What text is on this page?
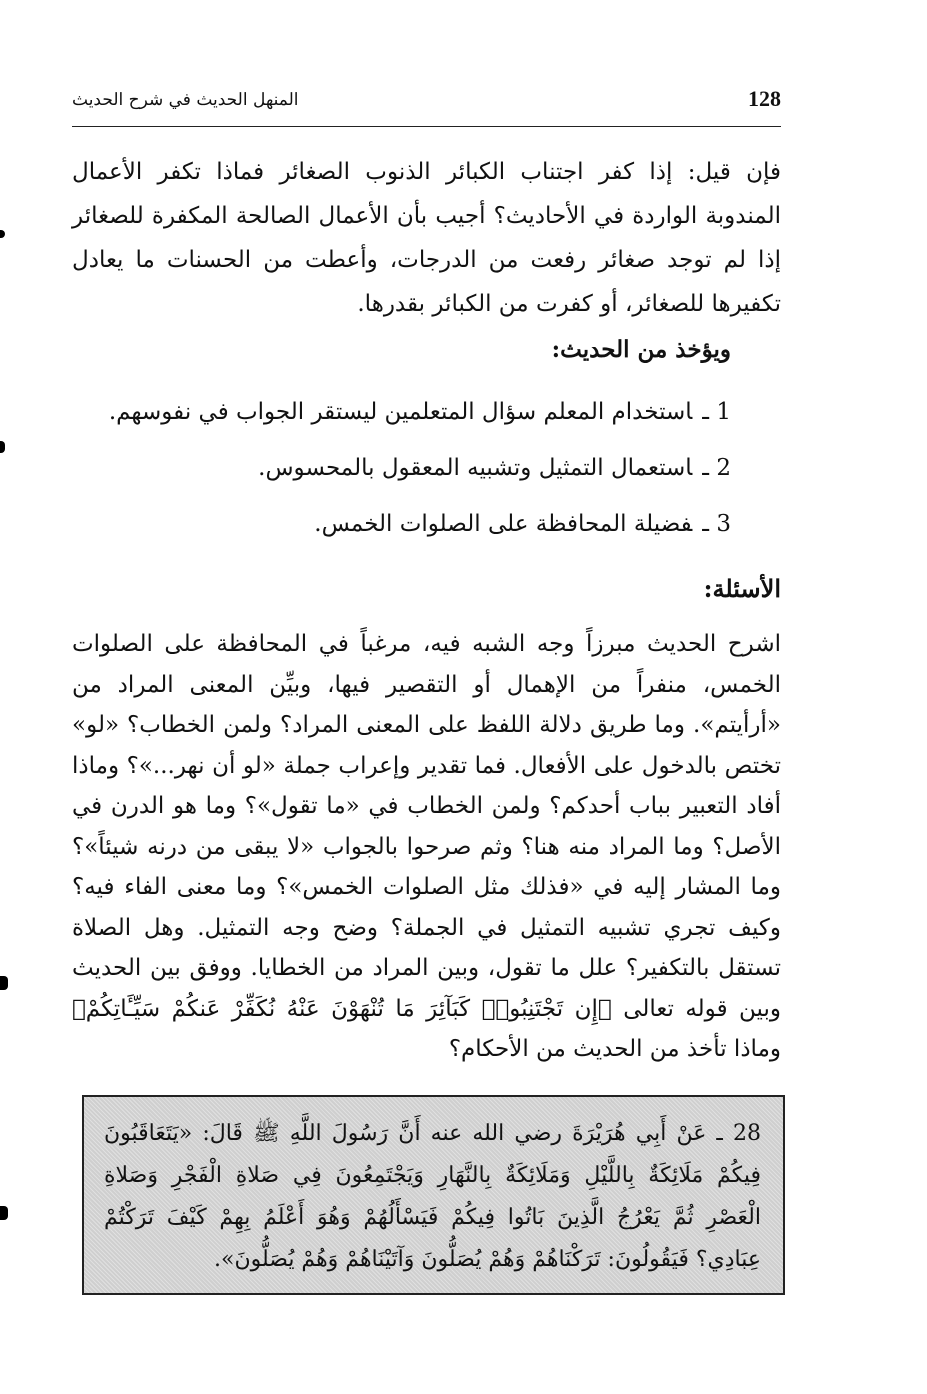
128
المنهل الحديث في شرح الحديث

فإن قيل: إذا كفر اجتناب الكبائر الذنوب الصغائر فماذا تكفر الأعمال المندوبة الواردة في الأحاديث؟ أجيب بأن الأعمال الصالحة المكفرة للصغائر إذا لم توجد صغائر رفعت من الدرجات، وأعطت من الحسنات ما يعادل تكفيرها للصغائر، أو كفرت من الكبائر بقدرها.

ويؤخذ من الحديث:
1 ـاستخدام المعلم سؤال المتعلمين ليستقر الجواب في نفوسهم.
2 ـاستعمال التمثيل وتشبيه المعقول بالمحسوس.
3 ـفضيلة المحافظة على الصلوات الخمس.
الأسئلة:

اشرح الحديث مبرزاً وجه الشبه فيه، مرغباً في المحافظة على الصلوات الخمس، منفراً من الإهمال أو التقصير فيها، وبيِّن المعنى المراد من «أرأيتم». وما طريق دلالة اللفظ على المعنى المراد؟ ولمن الخطاب؟ «لو» تختص بالدخول على الأفعال. فما تقدير وإعراب جملة «لو أن نهر...»؟ وماذا أفاد التعبير بباب أحدكم؟ ولمن الخطاب في «ما تقول»؟ وما هو الدرن في الأصل؟ وما المراد منه هنا؟ وثم صرحوا بالجواب «لا يبقى من درنه شيئاً»؟ وما المشار إليه في «فذلك مثل الصلوات الخمس»؟ وما معنى الفاء فيه؟ وكيف تجري تشبيه التمثيل في الجملة؟ وضح وجه التمثيل. وهل الصلاة تستقل بالتكفير؟ علل ما تقول، وبين المراد من الخطايا. ووفق بين الحديث وبين قوله تعالى ﴿إِن تَجْتَنِبُوا۟ كَبَآئِرَ مَا تُنْهَوْنَ عَنْهُ نُكَفِّرْ عَنكُمْ سَيِّـَٔاتِكُمْ﴾ وماذا تأخذ من الحديث من الأحكام؟

28 ـ عَنْ أَبِي هُرَيْرَةَ رضي الله عنه أَنَّ رَسُولَ اللَّهِ ﷺ قَالَ: «يَتَعَاقَبُونَ فِيكُمْ مَلَائِكَةٌ بِاللَّيْلِ وَمَلَائِكَةٌ بِالنَّهَارِ وَيَجْتَمِعُونَ فِي صَلاةِ الْفَجْرِ وَصَلاةِ الْعَصْرِ ثُمَّ يَعْرُجُ الَّذِينَ بَاتُوا فِيكُمْ فَيَسْأَلُهُمْ وَهُوَ أَعْلَمُ بِهِمْ كَيْفَ تَرَكْتُمْ عِبَادِي؟ فَيَقُولُونَ: تَرَكْنَاهُمْ وَهُمْ يُصَلُّونَ وَآتَيْنَاهُمْ وَهُمْ يُصَلُّونَ».
